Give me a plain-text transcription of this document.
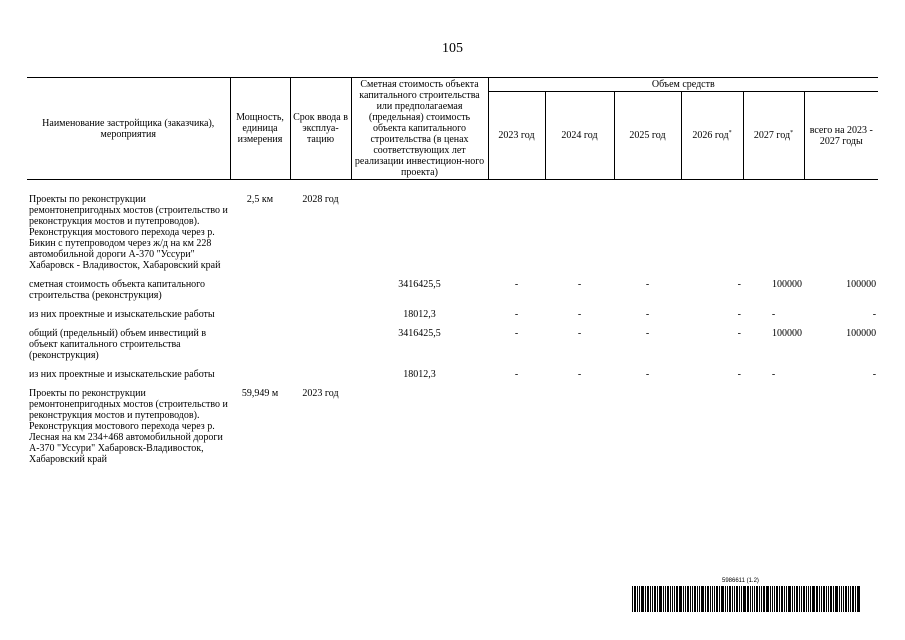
105
Наименование застройщика (заказчика), мероприятия	Мощность, единица измерения	Срок ввода в эксплуа-тацию	Сметная стоимость объекта капитального строительства или предполагаемая (предельная) стоимость объекта капитального строительства (в ценах соответствующих лет реализации инвестицион-ного проекта)	Объем средств					
				2023 год	2024 год	2025 год	2026 год*	2027 год*	всего на 2023 - 2027 годы

Проекты по реконструкции ремонтонепригодных мостов (строительство и реконструкция мостов и путепроводов). Реконструкция мостового перехода через р. Бикин с путепроводом через ж/д на км 228 автомобильной дороги А-370 "Уссури" Хабаровск - Владивосток, Хабаровский край	2,5 км	2028 год							

сметная стоимость объекта капитального строительства (реконструкция)			3416425,5	-	-	-	-	100000	100000

из них проектные и изыскательские работы			18012,3	-	-	-	-	-	-

общий (предельный) объем инвестиций в объект капитального строительства (реконструкция)			3416425,5	-	-	-	-	100000	100000

из них проектные и изыскательские работы			18012,3	-	-	-	-	-	-

Проекты по реконструкции ремонтонепригодных мостов (строительство и реконструкция мостов и путепроводов). Реконструкция мостового перехода через р. Лесная на км 234+468 автомобильной дороги А-370 "Уссури" Хабаровск-Владивосток, Хабаровский край	59,949 м	2023 год							
5986611 (1.2)
